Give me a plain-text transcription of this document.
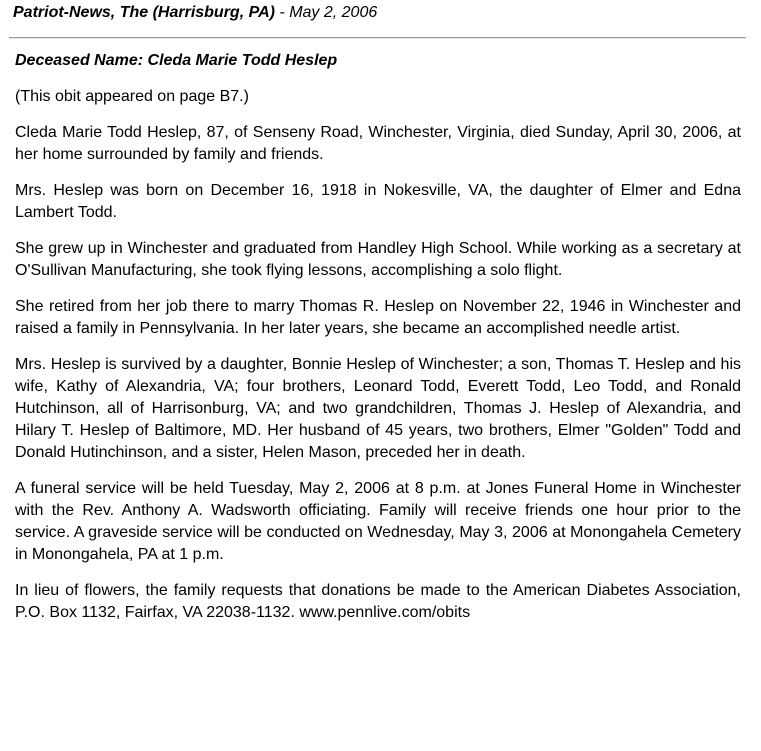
Patriot-News, The (Harrisburg, PA) - May 2, 2006
Deceased Name: Cleda Marie Todd Heslep

(This obit appeared on page B7.)

Cleda Marie Todd Heslep, 87, of Senseny Road, Winchester, Virginia, died Sunday, April 30, 2006, at her home surrounded by family and friends.

Mrs. Heslep was born on December 16, 1918 in Nokesville, VA, the daughter of Elmer and Edna Lambert Todd.

She grew up in Winchester and graduated from Handley High School. While working as a secretary at O'Sullivan Manufacturing, she took flying lessons, accomplishing a solo flight.

She retired from her job there to marry Thomas R. Heslep on November 22, 1946 in Winchester and raised a family in Pennsylvania. In her later years, she became an accomplished needle artist.

Mrs. Heslep is survived by a daughter, Bonnie Heslep of Winchester; a son, Thomas T. Heslep and his wife, Kathy of Alexandria, VA; four brothers, Leonard Todd, Everett Todd, Leo Todd, and Ronald Hutchinson, all of Harrisonburg, VA; and two grandchildren, Thomas J. Heslep of Alexandria, and Hilary T. Heslep of Baltimore, MD. Her husband of 45 years, two brothers, Elmer "Golden" Todd and Donald Hutinchinson, and a sister, Helen Mason, preceded her in death.

A funeral service will be held Tuesday, May 2, 2006 at 8 p.m. at Jones Funeral Home in Winchester with the Rev. Anthony A. Wadsworth officiating. Family will receive friends one hour prior to the service. A graveside service will be conducted on Wednesday, May 3, 2006 at Monongahela Cemetery in Monongahela, PA at 1 p.m.

In lieu of flowers, the family requests that donations be made to the American Diabetes Association, P.O. Box 1132, Fairfax, VA 22038-1132. www.pennlive.com/obits
